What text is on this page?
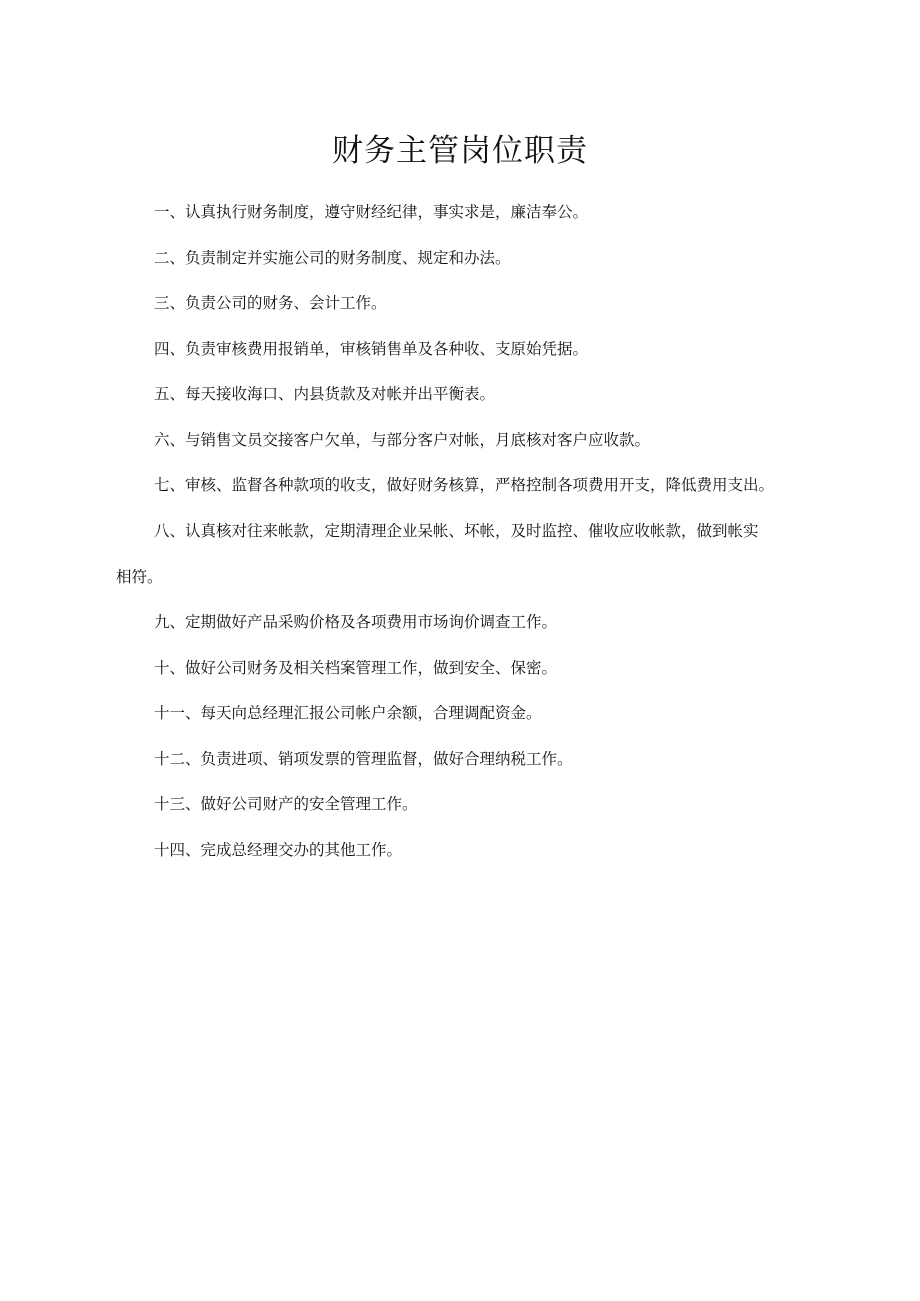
财务主管岗位职责
一、认真执行财务制度，遵守财经纪律，事实求是，廉洁奉公。
二、负责制定并实施公司的财务制度、规定和办法。
三、负责公司的财务、会计工作。
四、负责审核费用报销单，审核销售单及各种收、支原始凭据。
五、每天接收海口、内县货款及对帐并出平衡表。
六、与销售文员交接客户欠单，与部分客户对帐，月底核对客户应收款。
七、审核、监督各种款项的收支，做好财务核算，严格控制各项费用开支，降低费用支出。
八、认真核对往来帐款，定期清理企业呆帐、坏帐，及时监控、催收应收帐款，做到帐实
相符。
九、定期做好产品采购价格及各项费用市场询价调查工作。
十、做好公司财务及相关档案管理工作，做到安全、保密。
十一、每天向总经理汇报公司帐户余额，合理调配资金。
十二、负责进项、销项发票的管理监督，做好合理纳税工作。
十三、做好公司财产的安全管理工作。
十四、完成总经理交办的其他工作。
